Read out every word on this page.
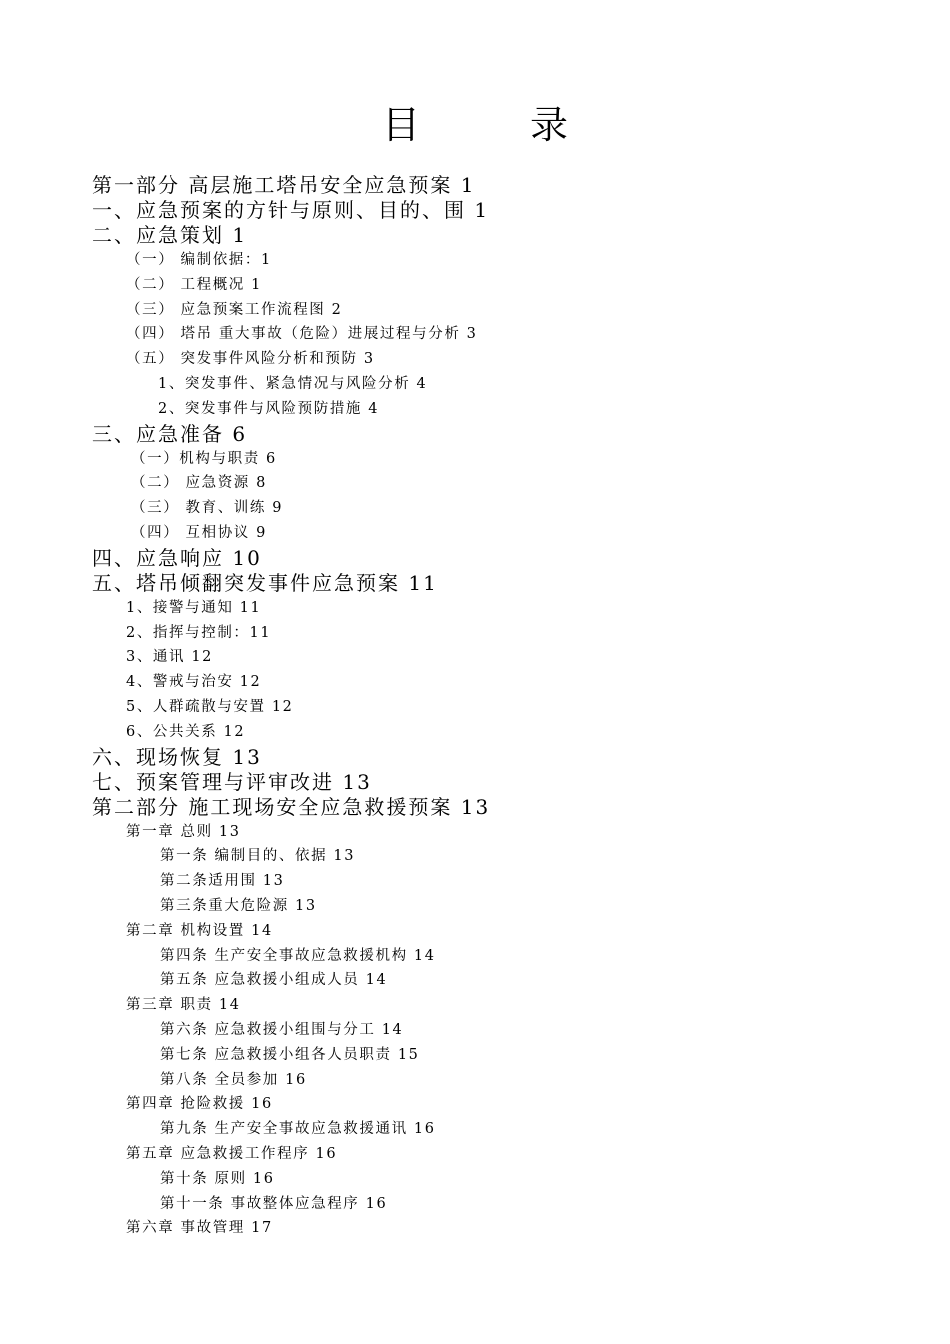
目录
第一部分 高层施工塔吊安全应急预案 1
一、应急预案的方针与原则、目的、围 1
二、应急策划 1
（一） 编制依据：1
（二） 工程概况 1
（三） 应急预案工作流程图 2
（四） 塔吊 重大事故（危险）进展过程与分析 3
（五） 突发事件风险分析和预防 3
1、突发事件、紧急情况与风险分析 4
2、突发事件与风险预防措施 4
三、应急准备 6
（一）机构与职责 6
（二） 应急资源 8
（三） 教育、训练 9
（四） 互相协议 9
四、应急响应 10
五、塔吊倾翻突发事件应急预案 11
1、接警与通知 11
2、指挥与控制：11
3、通讯 12
4、警戒与治安 12
5、人群疏散与安置 12
6、公共关系 12
六、现场恢复 13
七、预案管理与评审改进 13
第二部分 施工现场安全应急救援预案 13
第一章 总则 13
第一条 编制目的、依据 13
第二条适用围 13
第三条重大危险源 13
第二章 机构设置 14
第四条 生产安全事故应急救援机构 14
第五条 应急救援小组成人员 14
第三章 职责 14
第六条 应急救援小组围与分工 14
第七条 应急救援小组各人员职责 15
第八条 全员参加 16
第四章 抢险救援 16
第九条 生产安全事故应急救援通讯 16
第五章 应急救援工作程序 16
第十条 原则 16
第十一条 事故整体应急程序 16
第六章 事故管理 17
